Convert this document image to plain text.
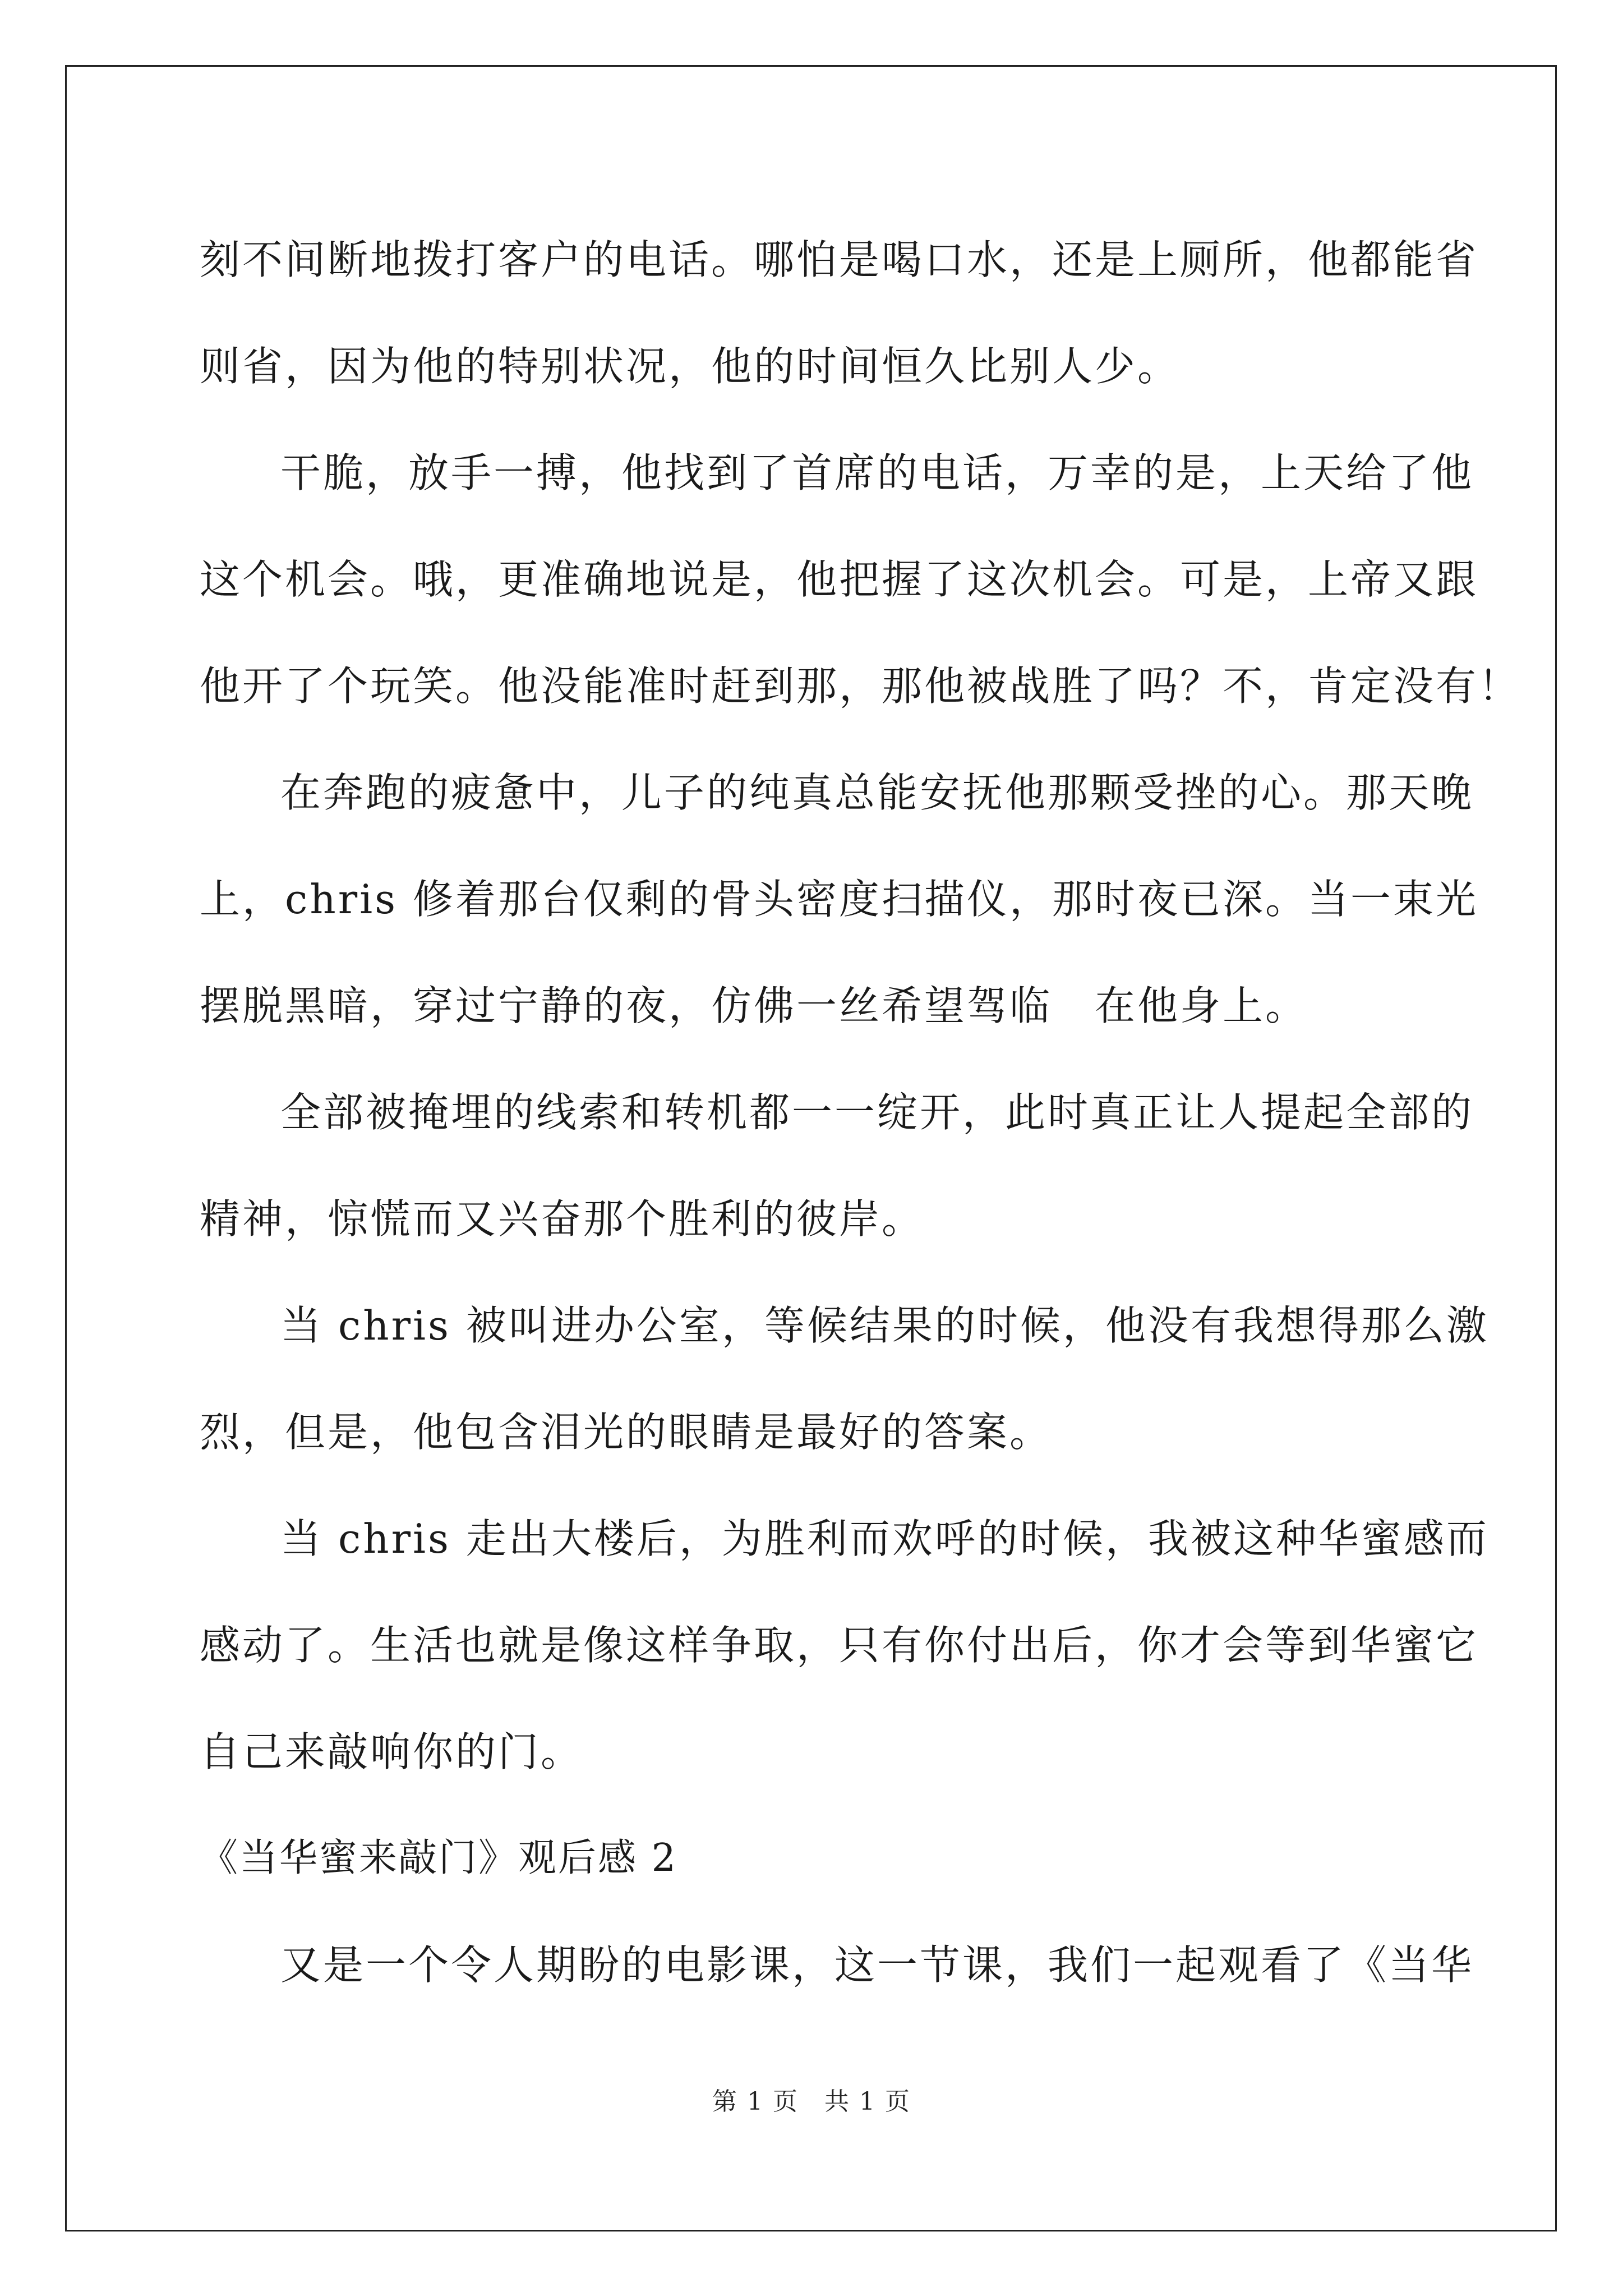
刻不间断地拨打客户的电话。哪怕是喝口水，还是上厕所，他都能省
则省，因为他的特别状况，他的时间恒久比别人少。
干脆，放手一搏，他找到了首席的电话，万幸的是，上天给了他
这个机会。哦，更准确地说是，他把握了这次机会。可是，上帝又跟
他开了个玩笑。他没能准时赶到那，那他被战胜了吗？不，肯定没有！
在奔跑的疲惫中，儿子的纯真总能安抚他那颗受挫的心。那天晚
上，chris 修着那台仅剩的骨头密度扫描仪，那时夜已深。当一束光
摆脱黑暗，穿过宁静的夜，仿佛一丝希望驾临　在他身上。
全部被掩埋的线索和转机都一一绽开，此时真正让人提起全部的
精神，惊慌而又兴奋那个胜利的彼岸。
当 chris 被叫进办公室，等候结果的时候，他没有我想得那么激
烈，但是，他包含泪光的眼睛是最好的答案。
当 chris 走出大楼后，为胜利而欢呼的时候，我被这种华蜜感而
感动了。生活也就是像这样争取，只有你付出后，你才会等到华蜜它
自己来敲响你的门。
《当华蜜来敲门》观后感 2
又是一个令人期盼的电影课，这一节课，我们一起观看了《当华
第 1 页　共 1 页
